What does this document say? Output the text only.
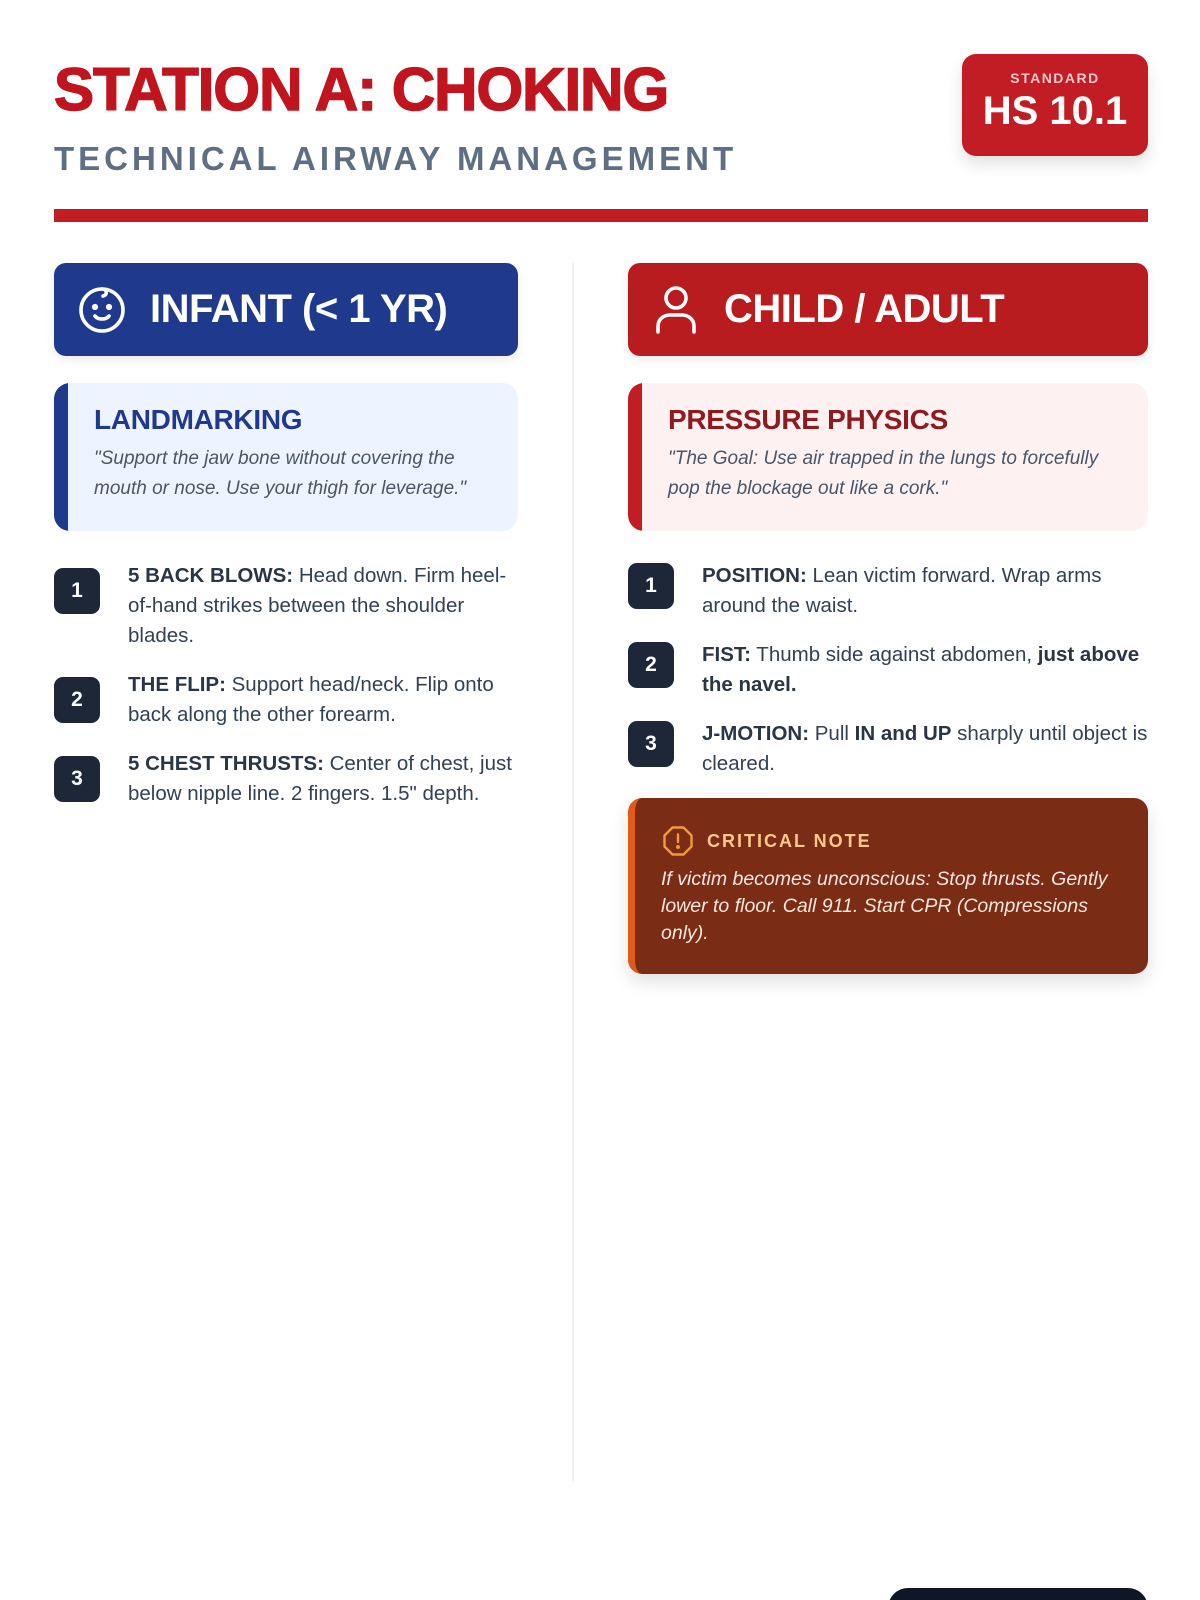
STATION A: CHOKING
TECHNICAL AIRWAY MANAGEMENT
STANDARD
HS 10.1
INFANT (< 1 YR)
LANDMARKING
"Support the jaw bone without covering the mouth or nose. Use your thigh for leverage."
1
5 BACK BLOWS: Head down. Firm heel-of-hand strikes between the shoulder blades.
2
THE FLIP: Support head/neck. Flip onto back along the other forearm.
3
5 CHEST THRUSTS: Center of chest, just below nipple line. 2 fingers. 1.5" depth.
CHILD / ADULT
PRESSURE PHYSICS
"The Goal: Use air trapped in the lungs to forcefully pop the blockage out like a cork."
1	POSITION: Lean victim forward. Wrap arms around the waist.
2	FIST: Thumb side against abdomen, just above the navel.
3	J-MOTION: Pull IN and UP sharply until object is cleared.
CRITICAL NOTE
If victim becomes unconscious: Stop thrusts. Gently lower to floor. Call 911. Start CPR (Compressions only).
